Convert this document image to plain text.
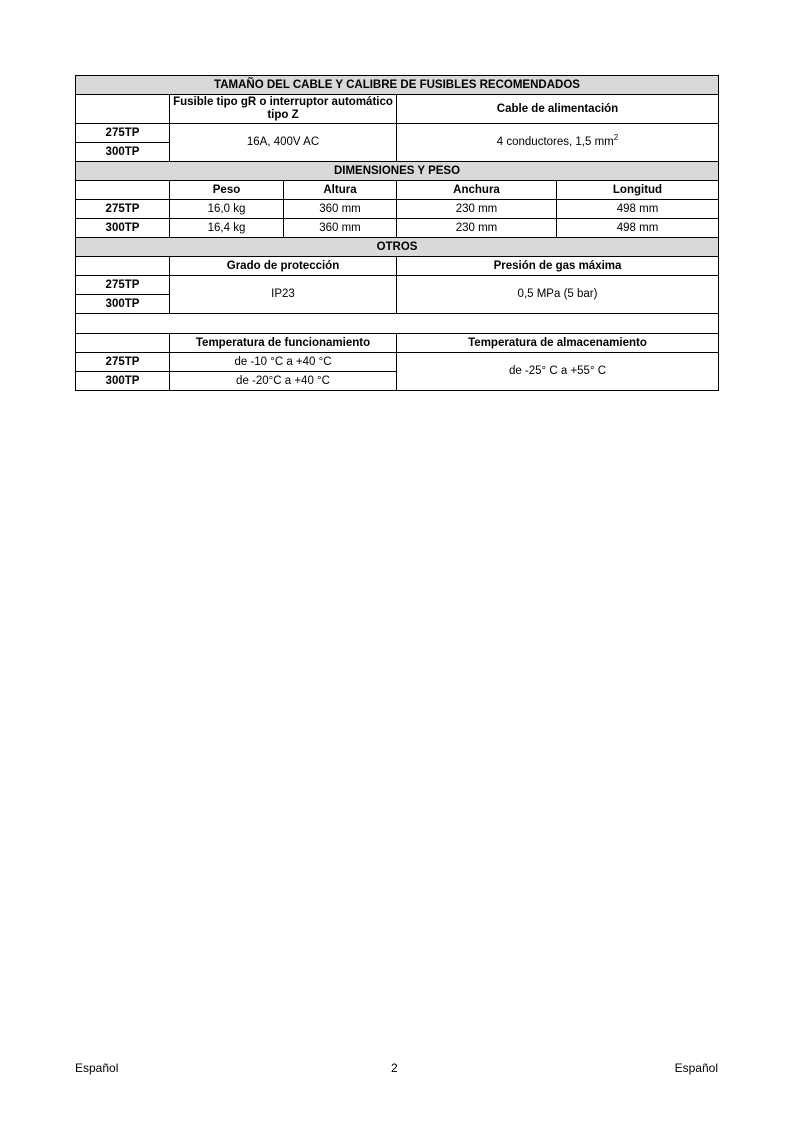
TAMAÑO DEL CABLE Y CALIBRE DE FUSIBLES RECOMENDADOS				
	Fusible tipo gR o interruptor automático tipo Z		Cable de alimentación	
275TP	16A, 400V AC		4 conductores, 1,5 $mm^2$
300TP				
DIMENSIONES Y PESO				
	Peso	Altura	Anchura	Longitud
275TP	16,0 kg	360 mm	230 mm	498 mm
300TP	16,4 kg	360 mm	230 mm	498 mm
OTROS				
	Grado de protección		Presión de gas máxima	
275TP	IP23		0,5 MPa (5 bar)	
300TP				

	Temperatura de funcionamiento		Temperatura de almacenamiento	
275TP	de -10 °C a +40 °C		de -25° C a +55° C	
300TP	de -20°C a +40 °C			
Español	2	Español
